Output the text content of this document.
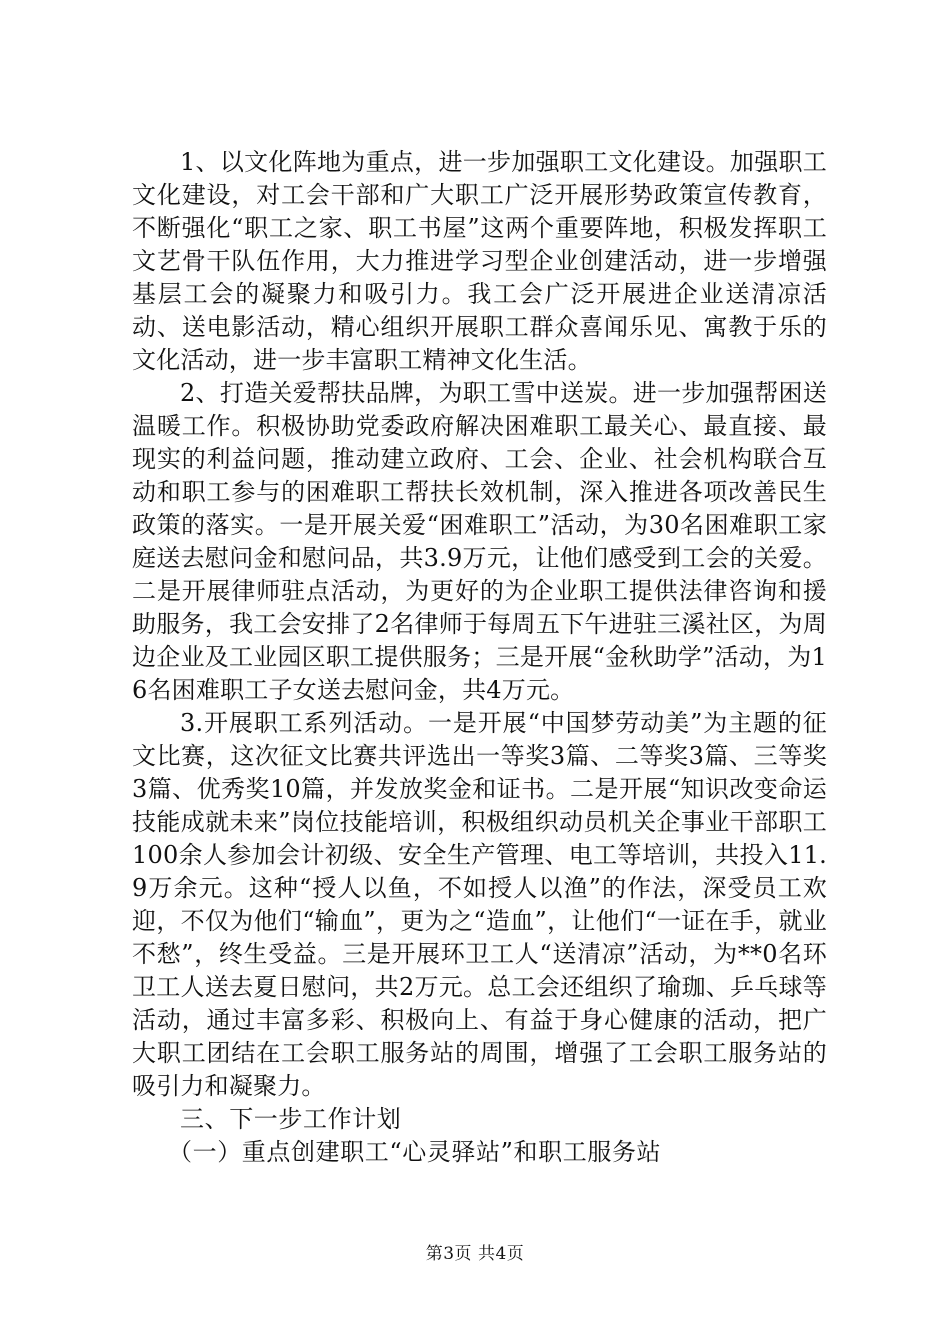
1、以文化阵地为重点，进一步加强职工文化建设。加强职工文化建设，对工会干部和广大职工广泛开展形势政策宣传教育，不断强化“职工之家、职工书屋”这两个重要阵地，积极发挥职工文艺骨干队伍作用，大力推进学习型企业创建活动，进一步增强基层工会的凝聚力和吸引力。我工会广泛开展进企业送清凉活动、送电影活动，精心组织开展职工群众喜闻乐见、寓教于乐的文化活动，进一步丰富职工精神文化生活。

2、打造关爱帮扶品牌，为职工雪中送炭。进一步加强帮困送温暖工作。积极协助党委政府解决困难职工最关心、最直接、最现实的利益问题，推动建立政府、工会、企业、社会机构联合互动和职工参与的困难职工帮扶长效机制，深入推进各项改善民生政策的落实。一是开展关爱“困难职工”活动，为30名困难职工家庭送去慰问金和慰问品，共3.9万元，让他们感受到工会的关爱。二是开展律师驻点活动，为更好的为企业职工提供法律咨询和援助服务，我工会安排了2名律师于每周五下午进驻三溪社区，为周边企业及工业园区职工提供服务；三是开展“金秋助学”活动，为16名困难职工子女送去慰问金，共4万元。

3.开展职工系列活动。一是开展“中国梦劳动美”为主题的征文比赛，这次征文比赛共评选出一等奖3篇、二等奖3篇、三等奖3篇、优秀奖10篇，并发放奖金和证书。二是开展“知识改变命运技能成就未来”岗位技能培训，积极组织动员机关企事业干部职工100余人参加会计初级、安全生产管理、电工等培训，共投入11.9万余元。这种“授人以鱼，不如授人以渔”的作法，深受员工欢迎，不仅为他们“输血”，更为之“造血”，让他们“一证在手，就业不愁”，终生受益。三是开展环卫工人“送清凉”活动，为**0名环卫工人送去夏日慰问，共2万元。总工会还组织了瑜珈、乒乓球等活动，通过丰富多彩、积极向上、有益于身心健康的活动，把广大职工团结在工会职工服务站的周围，增强了工会职工服务站的吸引力和凝聚力。

三、下一步工作计划

（一）重点创建职工“心灵驿站”和职工服务站

第3页 共4页
